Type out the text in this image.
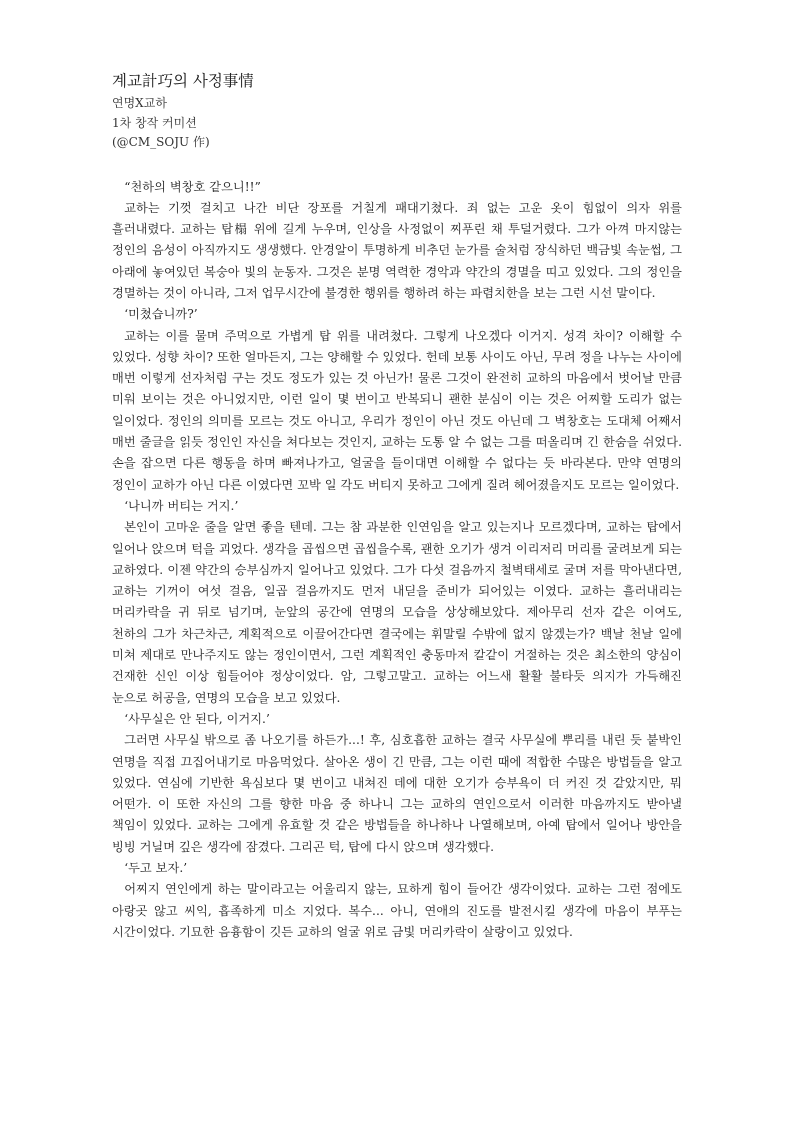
계교計巧의 사정事情
연명X교하
1차 창작 커미션
(@CM_SOJU 作)

“천하의 벽창호 같으니!!”

교하는 기껏 걸치고 나간 비단 장포를 거칠게 패대기쳤다. 죄 없는 고운 옷이 힘없이 의자 위를 흘러내렸다. 교하는 탑榻 위에 길게 누우며, 인상을 사정없이 찌푸린 채 투덜거렸다. 그가 아껴 마지않는 정인의 음성이 아직까지도 생생했다. 안경알이 투명하게 비추던 눈가를 술처럼 장식하던 백금빛 속눈썹, 그 아래에 놓여있던 복숭아 빛의 눈동자. 그것은 분명 역력한 경악과 약간의 경멸을 띠고 있었다. 그의 정인을 경멸하는 것이 아니라, 그저 업무시간에 불경한 행위를 행하려 하는 파렴치한을 보는 그런 시선 말이다.

‘미쳤습니까?’

교하는 이를 물며 주먹으로 가볍게 탑 위를 내려쳤다. 그렇게 나오겠다 이거지. 성격 차이? 이해할 수 있었다. 성향 차이? 또한 얼마든지, 그는 양해할 수 있었다. 헌데 보통 사이도 아닌, 무려 정을 나누는 사이에 매번 이렇게 선자처럼 구는 것도 정도가 있는 것 아닌가! 물론 그것이 완전히 교하의 마음에서 벗어날 만큼 미워 보이는 것은 아니었지만, 이런 일이 몇 번이고 반복되니 괜한 분심이 이는 것은 어찌할 도리가 없는 일이었다. 정인의 의미를 모르는 것도 아니고, 우리가 정인이 아닌 것도 아닌데 그 벽창호는 도대체 어째서 매번 줄글을 읽듯 정인인 자신을 쳐다보는 것인지, 교하는 도통 알 수 없는 그를 떠올리며 긴 한숨을 쉬었다. 손을 잡으면 다른 행동을 하며 빠져나가고, 얼굴을 들이대면 이해할 수 없다는 듯 바라본다. 만약 연명의 정인이 교하가 아닌 다른 이였다면 꼬박 일 각도 버티지 못하고 그에게 질려 헤어졌을지도 모르는 일이었다.

‘나니까 버티는 거지.’

본인이 고마운 줄을 알면 좋을 텐데. 그는 참 과분한 인연임을 알고 있는지나 모르겠다며, 교하는 탑에서 일어나 앉으며 턱을 괴었다. 생각을 곱씹으면 곱씹을수록, 괜한 오기가 생겨 이리저리 머리를 굴려보게 되는 교하였다. 이젠 약간의 승부심까지 일어나고 있었다. 그가 다섯 걸음까지 철벽태세로 굴며 저를 막아낸다면, 교하는 기꺼이 여섯 걸음, 일곱 걸음까지도 먼저 내딛을 준비가 되어있는 이였다. 교하는 흘러내리는 머리카락을 귀 뒤로 넘기며, 눈앞의 공간에 연명의 모습을 상상해보았다. 제아무리 선자 같은 이여도, 천하의 그가 차근차근, 계획적으로 이끌어간다면 결국에는 휘말릴 수밖에 없지 않겠는가? 백날 천날 일에 미쳐 제대로 만나주지도 않는 정인이면서, 그런 계획적인 충동마저 칼같이 거절하는 것은 최소한의 양심이 건재한 신인 이상 힘들어야 정상이었다. 암, 그렇고말고. 교하는 어느새 활활 불타듯 의지가 가득해진 눈으로 허공을, 연명의 모습을 보고 있었다.

‘사무실은 안 된다, 이거지.’

그러면 사무실 밖으로 좀 나오기를 하든가...! 후, 심호흡한 교하는 결국 사무실에 뿌리를 내린 듯 붙박인 연명을 직접 끄집어내기로 마음먹었다. 살아온 생이 긴 만큼, 그는 이런 때에 적합한 수많은 방법들을 알고 있었다. 연심에 기반한 욕심보다 몇 번이고 내쳐진 데에 대한 오기가 승부욕이 더 커진 것 같았지만, 뭐 어떤가. 이 또한 자신의 그를 향한 마음 중 하나니 그는 교하의 연인으로서 이러한 마음까지도 받아낼 책임이 있었다. 교하는 그에게 유효할 것 같은 방법들을 하나하나 나열해보며, 아예 탑에서 일어나 방안을 빙빙 거닐며 깊은 생각에 잠겼다. 그리곤 턱, 탑에 다시 앉으며 생각했다.

‘두고 보자.’

어찌지 연인에게 하는 말이라고는 어울리지 않는, 묘하게 힘이 들어간 생각이었다. 교하는 그런 점에도 아랑곳 않고 씨익, 흡족하게 미소 지었다. 복수... 아니, 연애의 진도를 발전시킬 생각에 마음이 부푸는 시간이었다. 기묘한 음흉함이 깃든 교하의 얼굴 위로 금빛 머리카락이 살랑이고 있었다.
